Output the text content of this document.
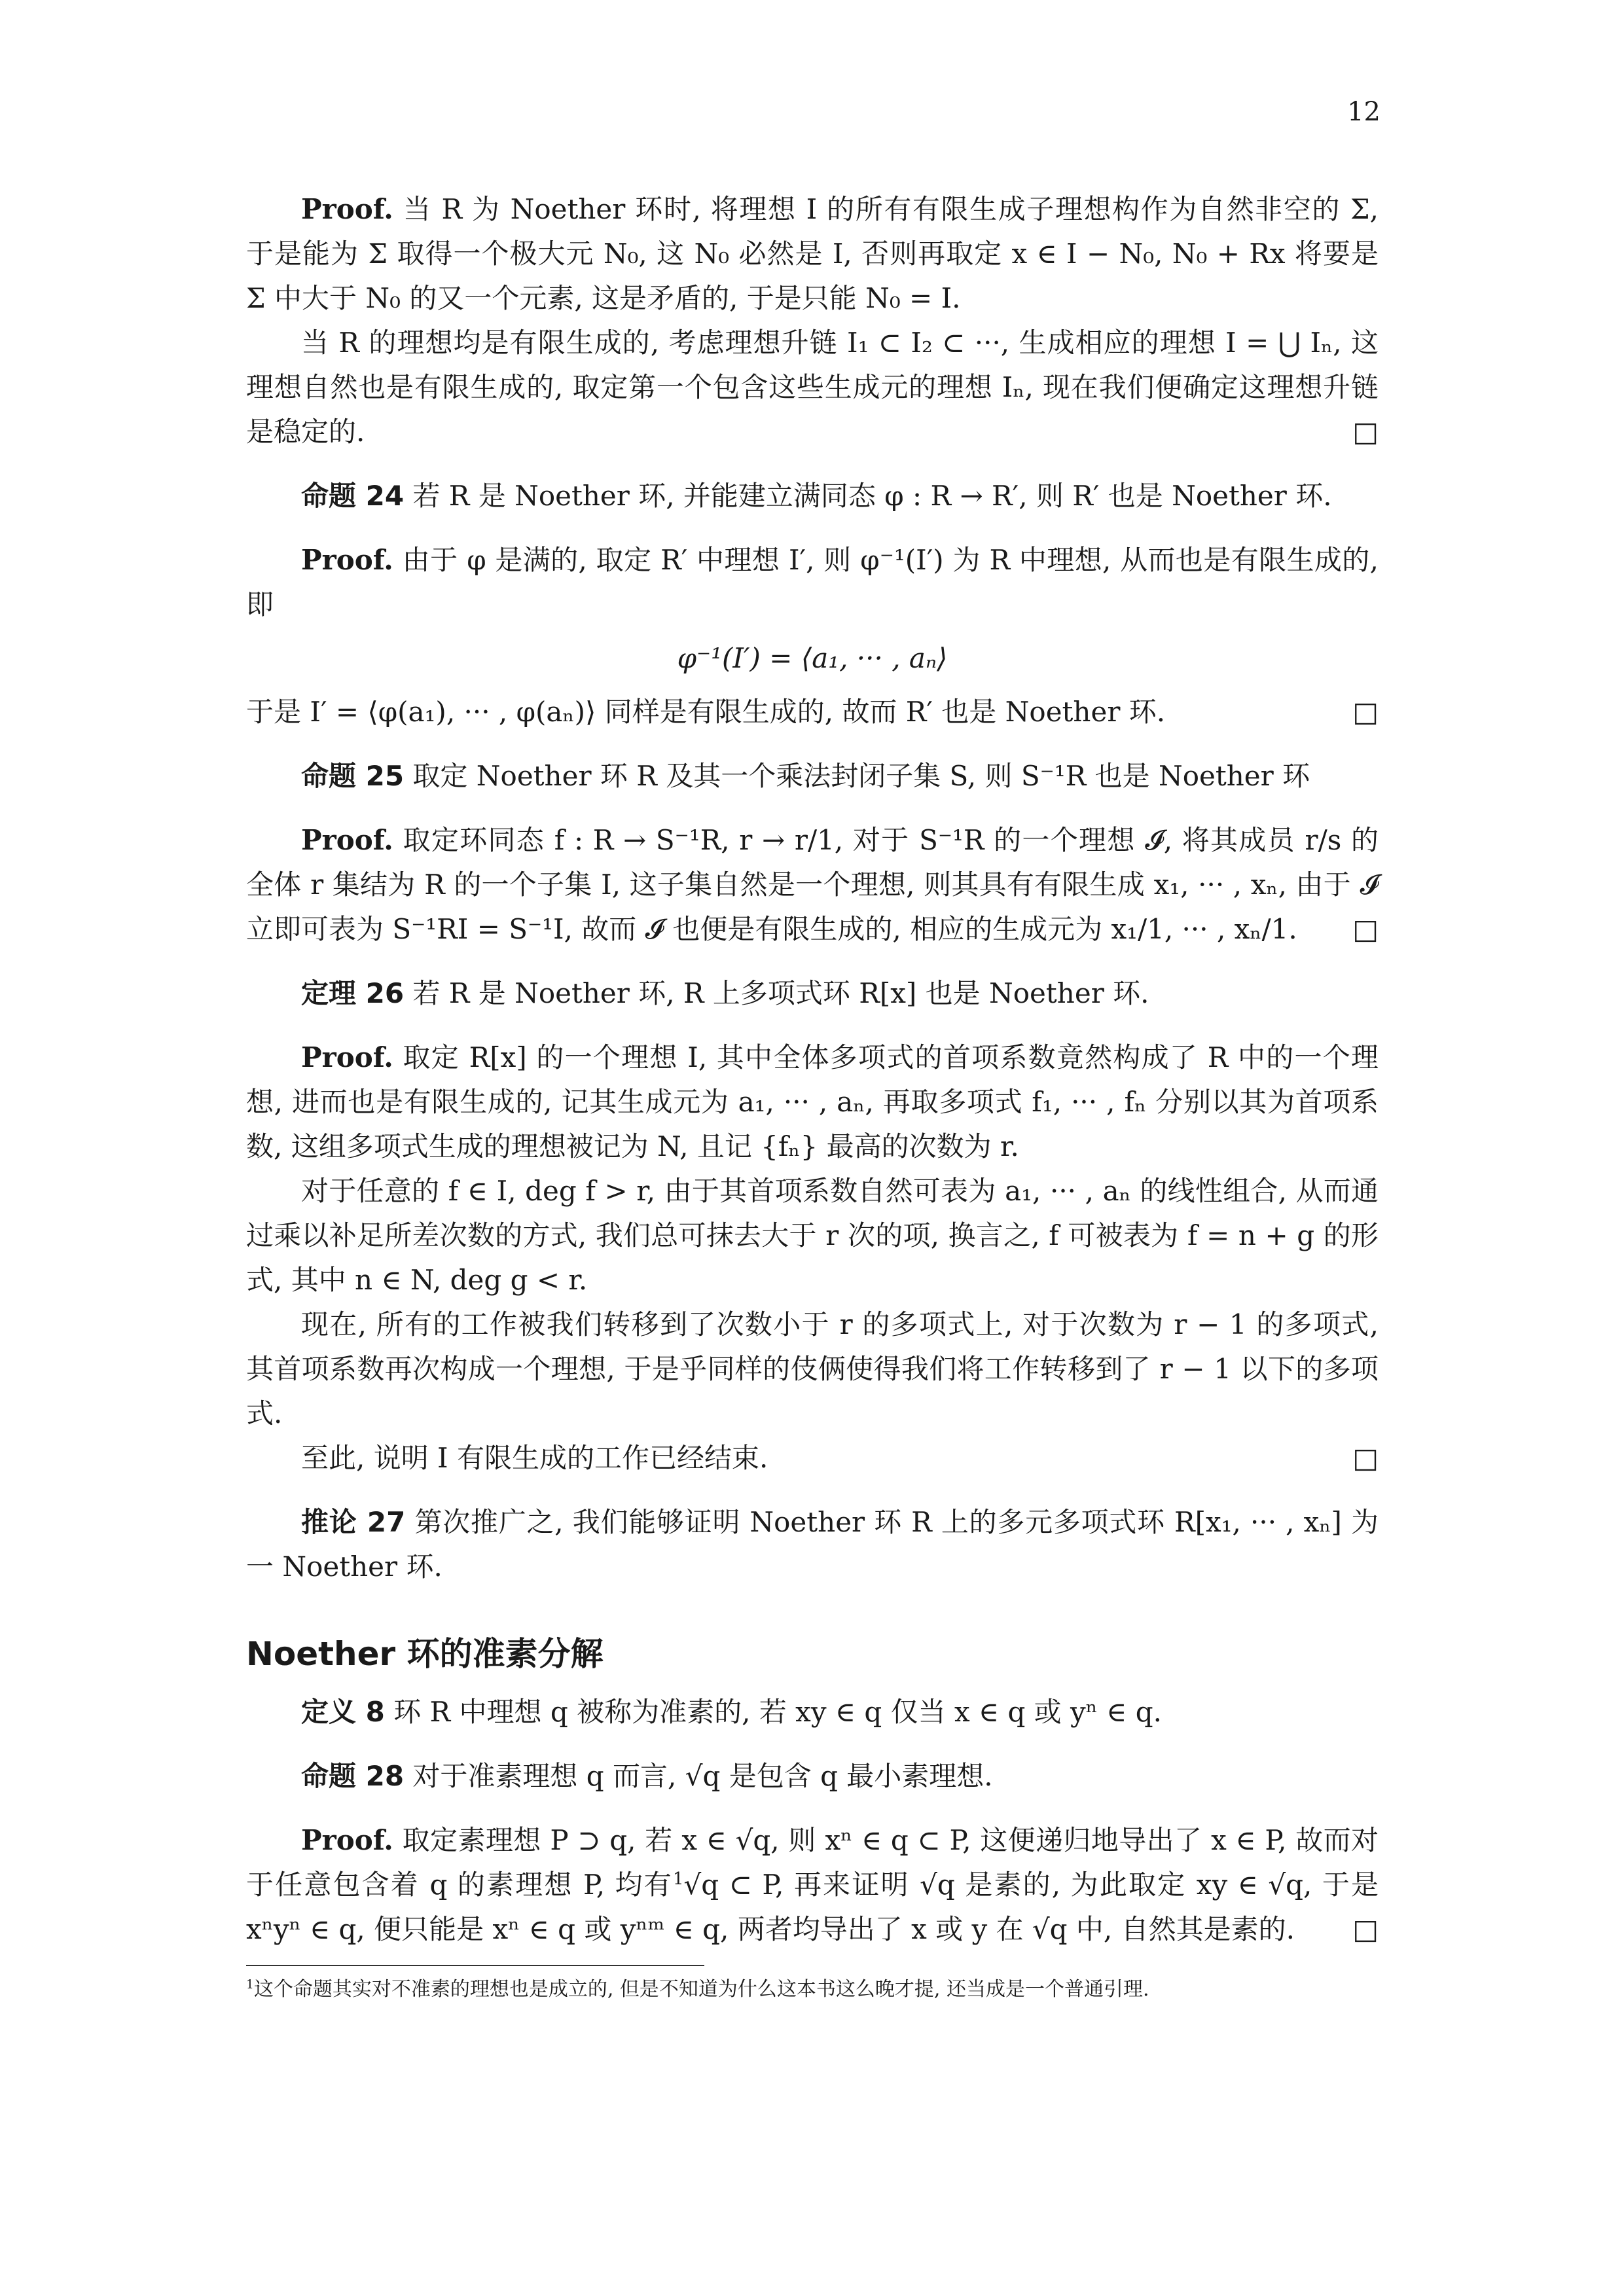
12

Proof. 当 R 为 Noether 环时, 将理想 I 的所有有限生成子理想构作为自然非空的 Σ, 于是能为 Σ 取得一个极大元 N₀, 这 N₀ 必然是 I, 否则再取定 x ∈ I − N₀, N₀ + Rx 将要是 Σ 中大于 N₀ 的又一个元素, 这是矛盾的, 于是只能 N₀ = I.

当 R 的理想均是有限生成的, 考虑理想升链 I₁ ⊂ I₂ ⊂ ···, 生成相应的理想 I = ⋃ Iₙ, 这理想自然也是有限生成的, 取定第一个包含这些生成元的理想 Iₙ, 现在我们便确定这理想升链是稳定的.	□

命题 24 若 R 是 Noether 环, 并能建立满同态 φ : R → R′, 则 R′ 也是 Noether 环.

Proof. 由于 φ 是满的, 取定 R′ 中理想 I′, 则 φ⁻¹(I′) 为 R 中理想, 从而也是有限生成的, 即

φ⁻¹(I′) = ⟨a₁, ··· , aₙ⟩

于是 I′ = ⟨φ(a₁), ··· , φ(aₙ)⟩ 同样是有限生成的, 故而 R′ 也是 Noether 环.	□

命题 25 取定 Noether 环 R 及其一个乘法封闭子集 S, 则 S⁻¹R 也是 Noether 环

Proof. 取定环同态 f : R → S⁻¹R, r → r/1, 对于 S⁻¹R 的一个理想 𝓘, 将其成员 r/s 的全体 r 集结为 R 的一个子集 I, 这子集自然是一个理想, 则其具有有限生成 x₁, ··· , xₙ, 由于 𝓘 立即可表为 S⁻¹RI = S⁻¹I, 故而 𝓘 也便是有限生成的, 相应的生成元为 x₁/1, ··· , xₙ/1.	□

定理 26 若 R 是 Noether 环, R 上多项式环 R[x] 也是 Noether 环.

Proof. 取定 R[x] 的一个理想 I, 其中全体多项式的首项系数竟然构成了 R 中的一个理想, 进而也是有限生成的, 记其生成元为 a₁, ··· , aₙ, 再取多项式 f₁, ··· , fₙ 分别以其为首项系数, 这组多项式生成的理想被记为 N, 且记 {fₙ} 最高的次数为 r.

对于任意的 f ∈ I, deg f > r, 由于其首项系数自然可表为 a₁, ··· , aₙ 的线性组合, 从而通过乘以补足所差次数的方式, 我们总可抹去大于 r 次的项, 换言之, f 可被表为 f = n + g 的形式, 其中 n ∈ N, deg g < r.

现在, 所有的工作被我们转移到了次数小于 r 的多项式上, 对于次数为 r − 1 的多项式, 其首项系数再次构成一个理想, 于是乎同样的伎俩使得我们将工作转移到了 r − 1 以下的多项式.

至此, 说明 I 有限生成的工作已经结束.	□

推论 27 第次推广之, 我们能够证明 Noether 环 R 上的多元多项式环 R[x₁, ··· , xₙ] 为一 Noether 环.

Noether 环的准素分解

定义 8 环 R 中理想 q 被称为准素的, 若 xy ∈ q 仅当 x ∈ q 或 yⁿ ∈ q.

命题 28 对于准素理想 q 而言, √q 是包含 q 最小素理想.

Proof. 取定素理想 P ⊃ q, 若 x ∈ √q, 则 xⁿ ∈ q ⊂ P, 这便递归地导出了 x ∈ P, 故而对于任意包含着 q 的素理想 P, 均有$^1$√q ⊂ P, 再来证明 √q 是素的, 为此取定 xy ∈ √q, 于是 xⁿyⁿ ∈ q, 便只能是 xⁿ ∈ q 或 yⁿᵐ ∈ q, 两者均导出了 x 或 y 在 √q 中, 自然其是素的.	□

$^1$这个命题其实对不准素的理想也是成立的, 但是不知道为什么这本书这么晚才提, 还当成是一个普通引理.
